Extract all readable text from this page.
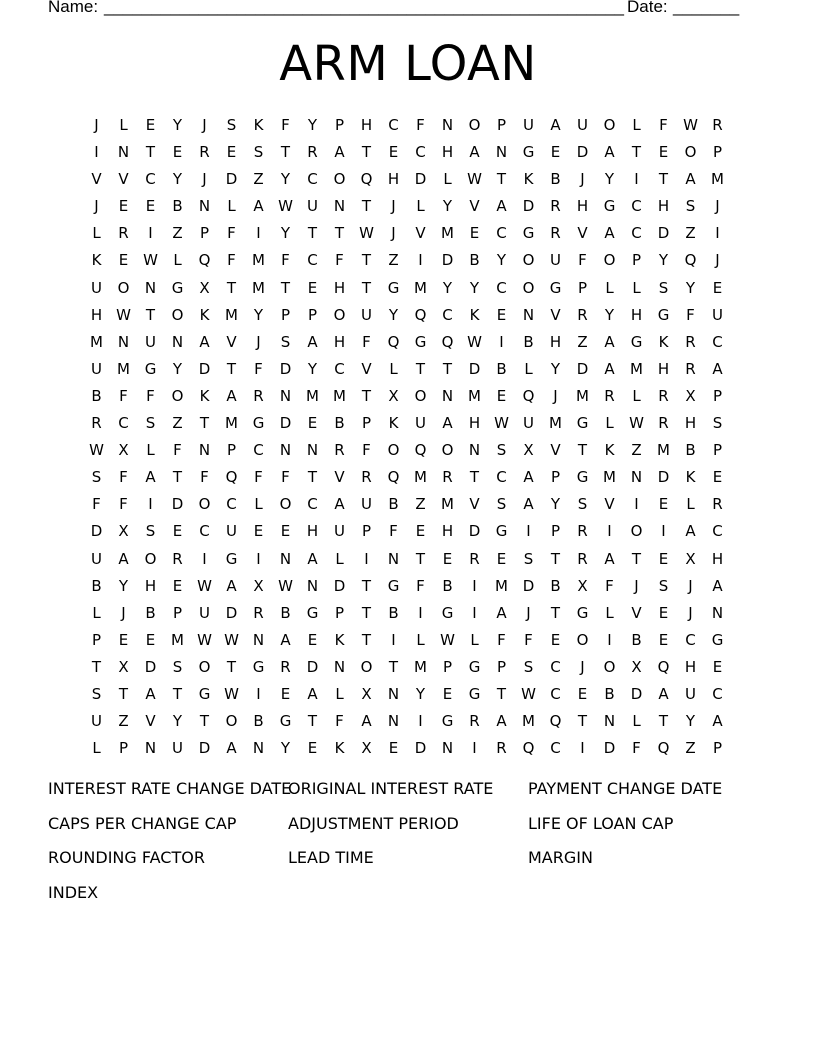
Name: _______________________________________________________ Date: _______
ARM LOAN
J	L	E	Y	J	S	K	F	Y	P	H	C	F	N	O	P	U	A	U	O	L	F	W R
I	N	T	E	R	E	S	T	R	A	T	E	C	H	A	N	G	E	D	A	T	E	O	P
V	V	C	Y	J	D	Z	Y	C	O	Q	H	D	L	W T	K	B	J	Y	I	T	A	M
J	E	E	B	N	L	A W U	N	T	J	L	Y	V	A	D	R	H	G	C	H	S	J
L	R	I	Z	P	F	I	Y	T	T	W	J	V	M	E	C	G	R	V	A	C	D	Z	I
K	E W	L	Q	F	M	F	C	F	T	Z	I	D	B	Y	O	U	F	O	P	Y	Q	J
U	O	N	G	X	T	M	T	E	H	T	G M	Y	Y	C	O	G	P	L	L	S	Y	E
H W T	O	K	M	Y	P	P	O	U	Y	Q	C	K	E	N	V	R	Y	H	G	F	U
M N	U	N	A	V	J	S	A	H	F	Q	G	Q W	I	B	H	Z	A	G	K	R	C
U	M G	Y	D	T	F	D	Y	C	V	L	T	T	D	B	L	Y	D	A	M H	R	A
B	F	F	O	K	A	R	N M M	T	X	O	N M	E	Q	J	M	R	L	R	X	P
R	C	S	Z	T	M G	D	E	B	P	K	U	A	H W U	M G	L	W R	H	S
W X	L	F	N	P	C	N	N	R	F	O	Q	O	N	S	X	V	T	K	Z	M	B	P
S	F	A	T	F	Q	F	F	T	V	R	Q M	R	T	C	A	P	G M N	D	K	E
F	F	I	D	O	C	L	O	C	A	U	B	Z	M	V	S	A	Y	S	V	I	E	L	R
D	X	S	E	C	U	E	E	H	U	P	F	E	H	D	G	I	P	R	I	O	I	A	C
U	A	O	R	I	G	I	N	A	L	I	N	T	E	R	E	S	T	R	A	T	E	X	H
B	Y	H	E W A	X W N	D	T	G	F	B	I	M D	B	X	F	J	S	J	A
L	J	B	P	U	D	R	B	G	P	T	B	I	G	I	A	J	T	G	L	V	E	J	N
P	E	E	M W W N	A	E	K	T	I	L	W	L	F	F	E	O	I	B	E	C	G
T	X	D	S	O	T	G	R	D	N	O	T	M	P	G	P	S	C	J	O	X	Q	H	E
S	T	A	T	G W	I	E	A	L	X	N	Y	E	G	T	W C	E	B	D	A	U	C
U	Z	V	Y	T	O	B	G	T	F	A	N	I	G	R	A	M Q	T	N	L	T	Y	A
L	P	N	U	D	A	N	Y	E	K	X	E	D	N	I	R	Q	C	I	D	F	Q	Z	P
INTEREST RATE CHANGE DATE
ORIGINAL INTEREST RATE	PAYMENT CHANGE DATE
CAPS PER CHANGE CAP	ADJUSTMENT PERIOD	LIFE OF LOAN CAP
ROUNDING FACTOR	LEAD TIME	MARGIN
INDEX
